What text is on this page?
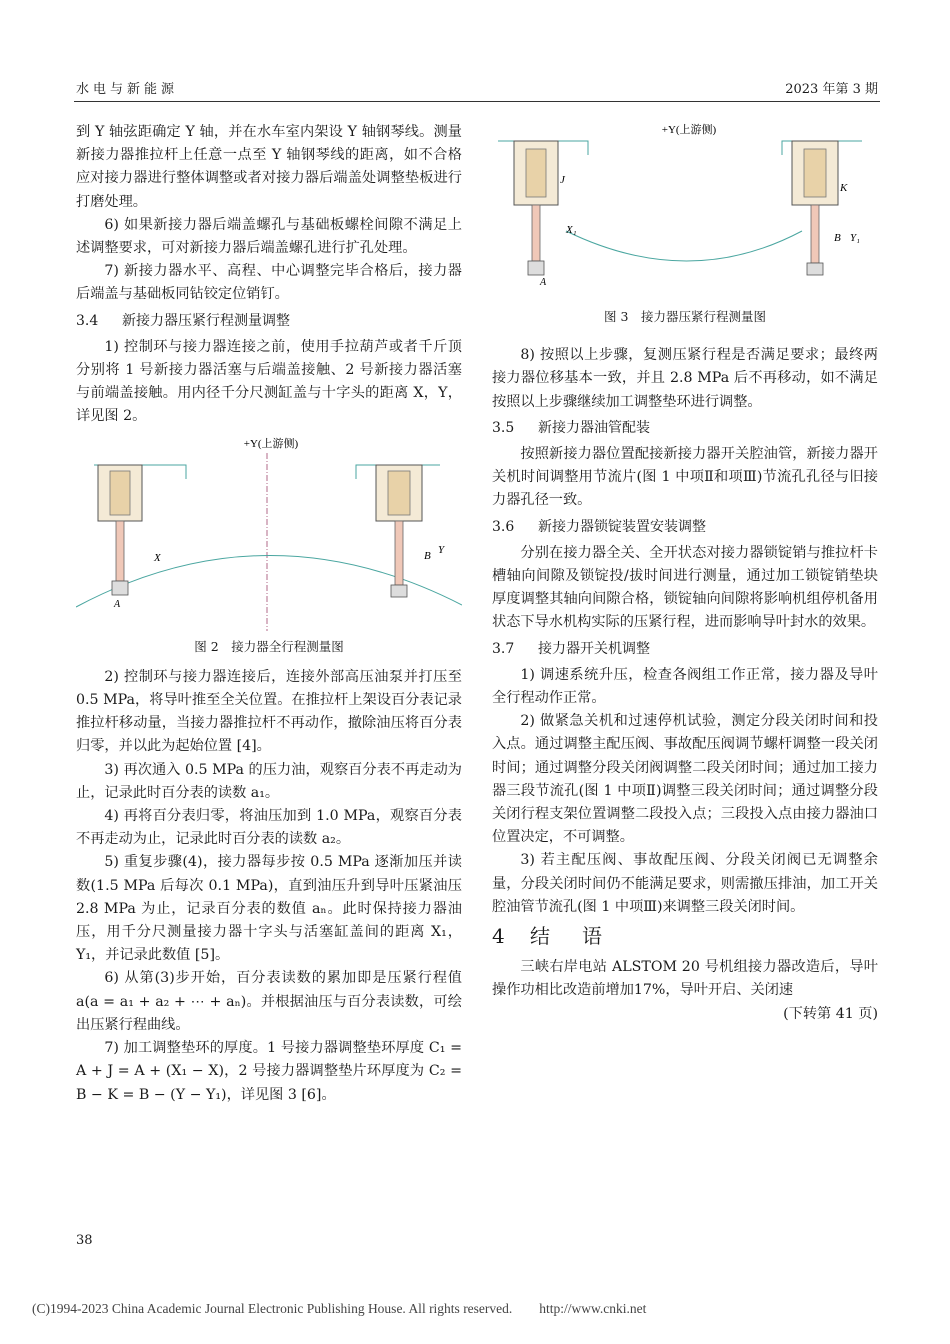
水电与新能源	2023 年第 3 期

到 Y 轴弦距确定 Y 轴，并在水车室内架设 Y 轴钢琴线。测量新接力器推拉杆上任意一点至 Y 轴钢琴线的距离，如不合格应对接力器进行整体调整或者对接力器后端盖处调整垫板进行打磨处理。

6) 如果新接力器后端盖螺孔与基础板螺栓间隙不满足上述调整要求，可对新接力器后端盖螺孔进行扩孔处理。

7) 新接力器水平、高程、中心调整完毕合格后，接力器后端盖与基础板同钻铰定位销钉。

3.4 新接力器压紧行程测量调整

1) 控制环与接力器连接之前，使用手拉葫芦或者千斤顶分别将 1 号新接力器活塞与后端盖接触、2 号新接力器活塞与前端盖接触。用内径千分尺测缸盖与十字头的距离 X，Y，详见图 2。

+Y(上游侧)
X
A
B Y
图 2　接力器全行程测量图

2) 控制环与接力器连接后，连接外部高压油泵并打压至 0.5 MPa，将导叶推至全关位置。在推拉杆上架设百分表记录推拉杆移动量，当接力器推拉杆不再动作，撤除油压将百分表归零，并以此为起始位置 [4]。

3) 再次通入 0.5 MPa 的压力油，观察百分表不再走动为止，记录此时百分表的读数 a₁。

4) 再将百分表归零，将油压加到 1.0 MPa，观察百分表不再走动为止，记录此时百分表的读数 a₂。

5) 重复步骤(4)，接力器每步按 0.5 MPa 逐渐加压并读数(1.5 MPa 后每次 0.1 MPa)，直到油压升到导叶压紧油压 2.8 MPa 为止，记录百分表的数值 aₙ。此时保持接力器油压，用千分尺测量接力器十字头与活塞缸盖间的距离 X₁，Y₁，并记录此数值 [5]。

6) 从第(3)步开始，百分表读数的累加即是压紧行程值 a(a = a₁ + a₂ + ⋯ + aₙ)。并根据油压与百分表读数，可绘出压紧行程曲线。

7) 加工调整垫环的厚度。1 号接力器调整垫环厚度 C₁ = A + J = A + (X₁ − X)，2 号接力器调整垫片环厚度为 C₂ = B − K = B − (Y − Y₁)，详见图 3 [6]。

+Y(上游侧)
J
X₁
A
K
B Y₁
图 3　接力器压紧行程测量图

8) 按照以上步骤，复测压紧行程是否满足要求；最终两接力器位移基本一致，并且 2.8 MPa 后不再移动，如不满足按照以上步骤继续加工调整垫环进行调整。

3.5 新接力器油管配装

按照新接力器位置配接新接力器开关腔油管，新接力器开关机时间调整用节流片(图 1 中项Ⅱ和项Ⅲ)节流孔孔径与旧接力器孔径一致。

3.6 新接力器锁锭装置安装调整

分别在接力器全关、全开状态对接力器锁锭销与推拉杆卡槽轴向间隙及锁锭投/拔时间进行测量，通过加工锁锭销垫块厚度调整其轴向间隙合格，锁锭轴向间隙将影响机组停机备用状态下导水机构实际的压紧行程，进而影响导叶封水的效果。

3.7 接力器开关机调整

1) 调速系统升压，检查各阀组工作正常，接力器及导叶全行程动作正常。

2) 做紧急关机和过速停机试验，测定分段关闭时间和投入点。通过调整主配压阀、事故配压阀调节螺杆调整一段关闭时间；通过调整分段关闭阀调整二段关闭时间；通过加工接力器三段节流孔(图 1 中项Ⅱ)调整三段关闭时间；通过调整分段关闭行程支架位置调整二段投入点；三段投入点由接力器油口位置决定，不可调整。

3) 若主配压阀、事故配压阀、分段关闭阀已无调整余量，分段关闭时间仍不能满足要求，则需撤压排油，加工开关腔油管节流孔(图 1 中项Ⅲ)来调整三段关闭时间。

4 结　语

三峡右岸电站 ALSTOM 20 号机组接力器改造后，导叶操作功相比改造前增加17%，导叶开启、关闭速

(下转第 41 页)

38
(C)1994-2023 China Academic Journal Electronic Publishing House. All rights reserved.　　http://www.cnki.net
